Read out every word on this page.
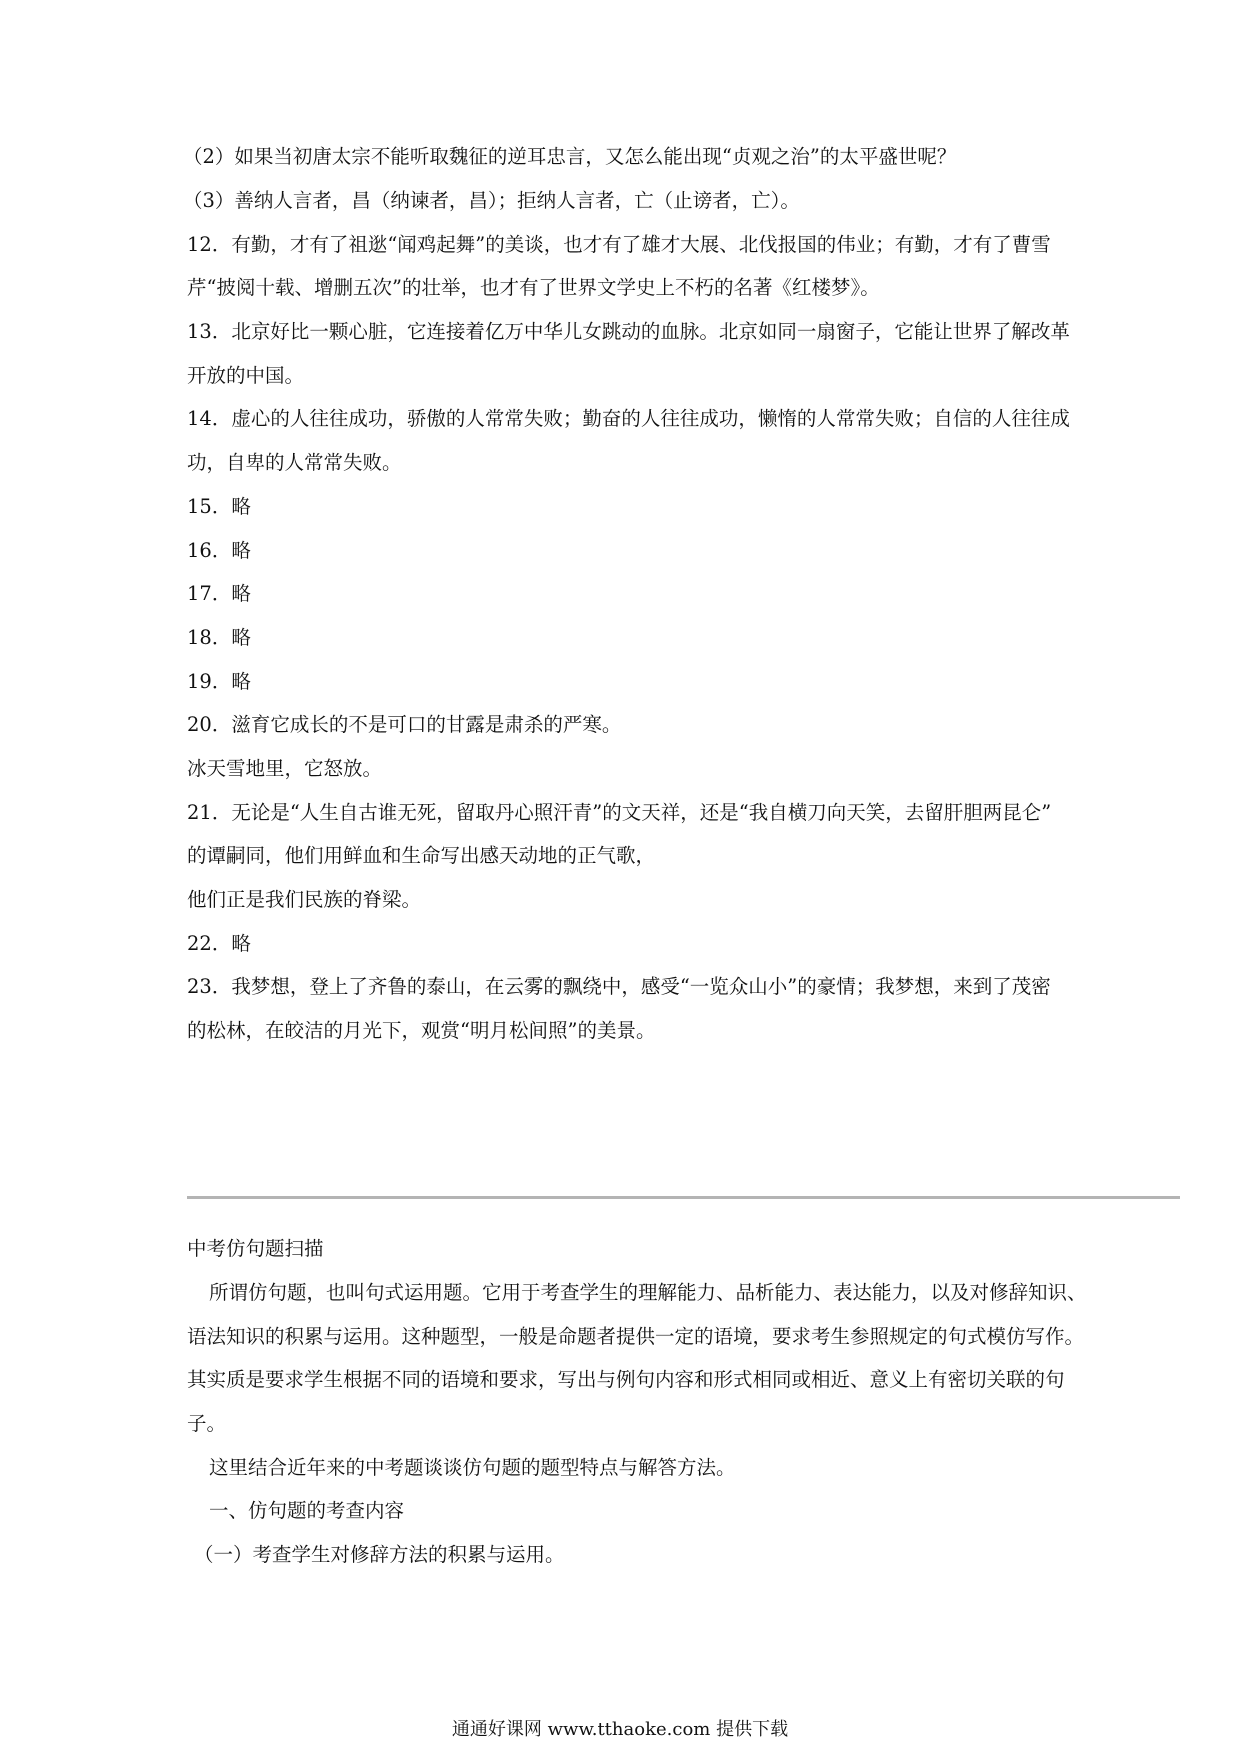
（2）如果当初唐太宗不能听取魏征的逆耳忠言，又怎么能出现“贞观之治”的太平盛世呢？
（3）善纳人言者，昌（纳谏者，昌）；拒纳人言者，亡（止谤者，亡）。
12．有勤，才有了祖逖“闻鸡起舞”的美谈，也才有了雄才大展、北伐报国的伟业；有勤，才有了曹雪
芹“披阅十载、增删五次”的壮举，也才有了世界文学史上不朽的名著《红楼梦》。
13．北京好比一颗心脏，它连接着亿万中华儿女跳动的血脉。北京如同一扇窗子，它能让世界了解改革
开放的中国。
14．虚心的人往往成功，骄傲的人常常失败；勤奋的人往往成功，懒惰的人常常失败；自信的人往往成
功，自卑的人常常失败。
15．略
16．略
17．略
18．略
19．略
20．滋育它成长的不是可口的甘露是肃杀的严寒。
冰天雪地里，它怒放。
21．无论是“人生自古谁无死，留取丹心照汗青”的文天祥，还是“我自横刀向天笑，去留肝胆两昆仑”
的谭嗣同，他们用鲜血和生命写出感天动地的正气歌，
他们正是我们民族的脊梁。
22．略
23．我梦想，登上了齐鲁的泰山，在云雾的飘绕中，感受“一览众山小”的豪情；我梦想，来到了茂密
的松林，在皎洁的月光下，观赏“明月松间照”的美景。
中考仿句题扫描
所谓仿句题，也叫句式运用题。它用于考查学生的理解能力、品析能力、表达能力，以及对修辞知识、
语法知识的积累与运用。这种题型，一般是命题者提供一定的语境，要求考生参照规定的句式模仿写作。
其实质是要求学生根据不同的语境和要求，写出与例句内容和形式相同或相近、意义上有密切关联的句
子。
这里结合近年来的中考题谈谈仿句题的题型特点与解答方法。
一、仿句题的考查内容
（一）考查学生对修辞方法的积累与运用。
通通好课网 www.tthaoke.com 提供下载
